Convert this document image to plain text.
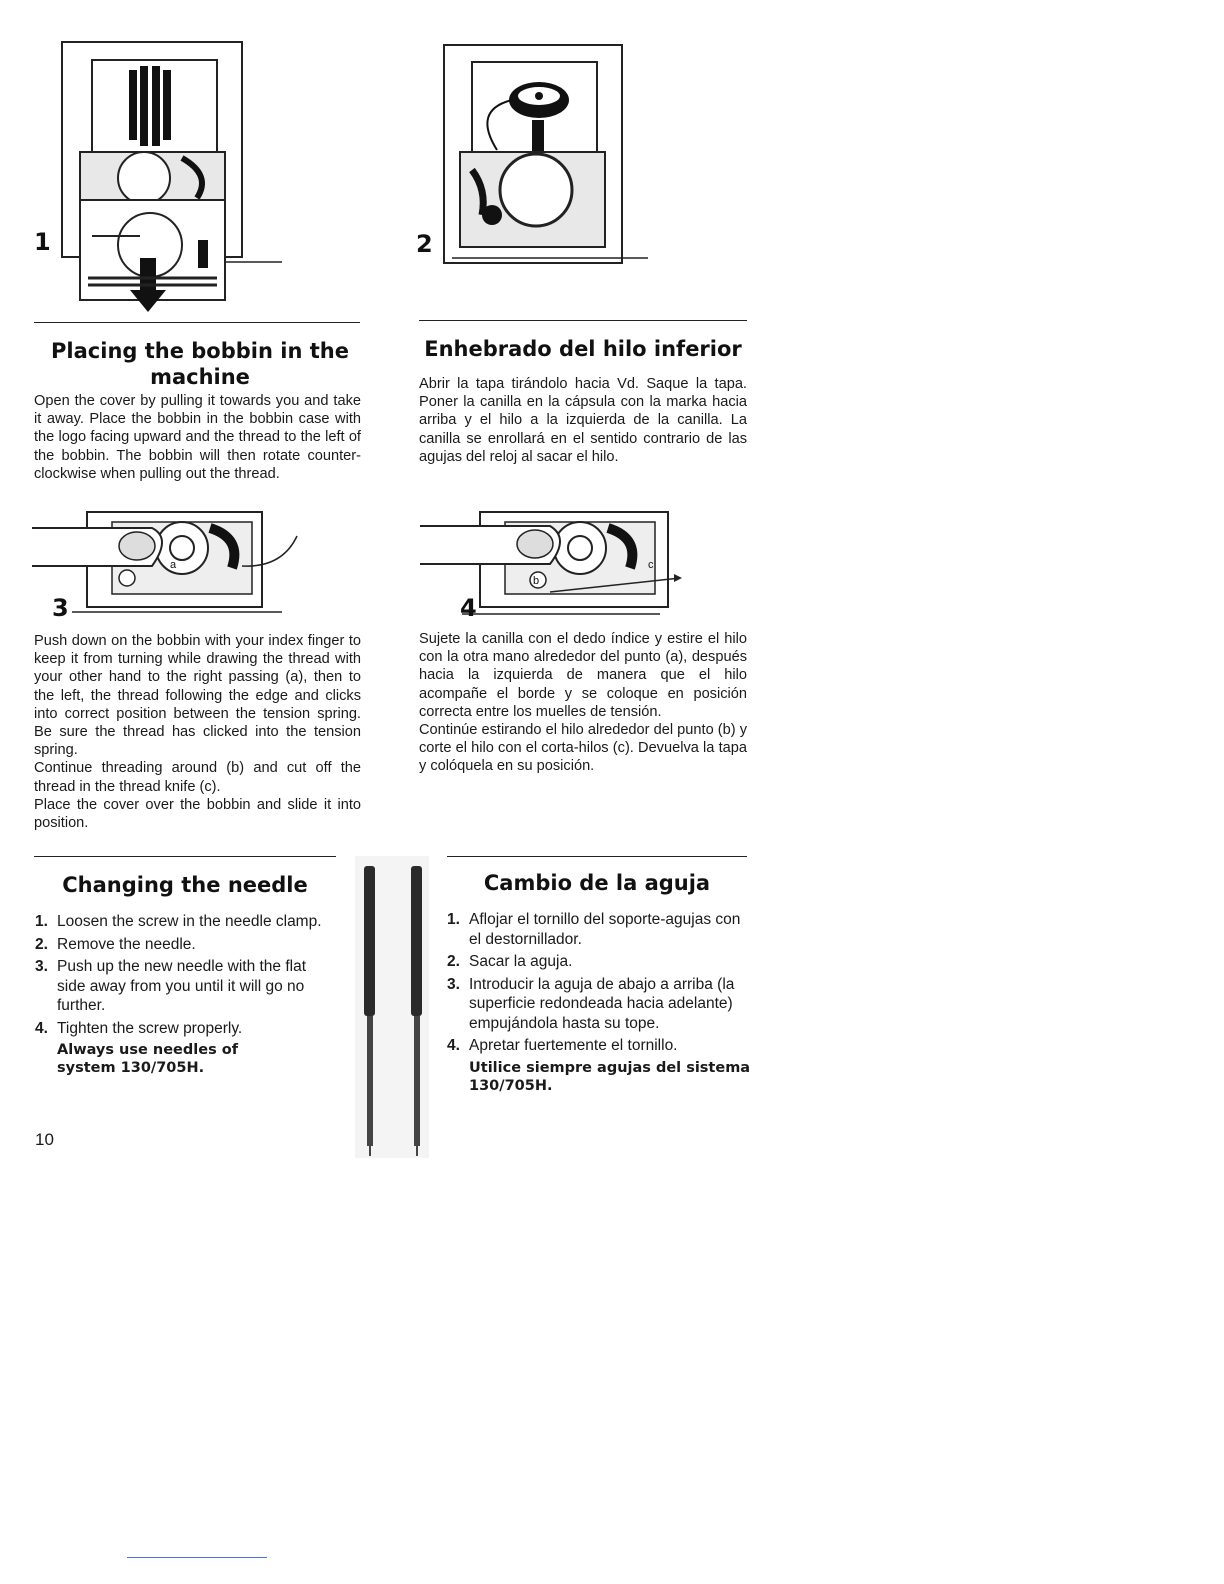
1	2
Placing the bobbin in the machine

Open the cover by pulling it towards you and take it away. Place the bobbin in the bobbin case with the logo facing upward and the thread to the left of the bobbin. The bobbin will then rotate counter-clockwise when pulling out the thread.

Enhebrado del hilo inferior

Abrir la tapa tirándolo hacia Vd. Saque la tapa. Poner la canilla en la cápsula con la marka hacia arriba y el hilo a la izquierda de la canilla. La canilla se enrollará en el sentido contrario de las agujas del reloj al sacar el hilo.

a
3
b
c
4

Push down on the bobbin with your index finger to keep it from turning while drawing the thread with your other hand to the right passing (a), then to the left, the thread following the edge and clicks into correct position between the tension spring. Be sure the thread has clicked into the tension spring.

Continue threading around (b) and cut off the thread in the thread knife (c).

Place the cover over the bobbin and slide it into position.

Sujete la canilla con el dedo índice y estire el hilo con la otra mano alrededor del punto (a), después hacia la izquierda de manera que el hilo acompañe el borde y se coloque en posición correcta entre los muelles de tensión.

Continúe estirando el hilo alrededor del punto (b) y corte el hilo con el corta-hilos (c). Devuelva la tapa y colóquela en su posición.

Changing the needle
1. Loosen the screw in the needle clamp.
2. Remove the needle.
3. Push up the new needle with the flat side away from you until it will go no further.
4. Tighten the screw properly.
Always use needles of system 130/705H.
Cambio de la aguja
1. Aflojar el tornillo del soporte-agujas con el destornillador.
2. Sacar la aguja.
3. Introducir la aguja de abajo a arriba (la superficie redondeada hacia adelante) empujándola hasta su tope.
4. Apretar fuertemente el tornillo.
Utilice siempre agujas del sistema 130/705H.
10
